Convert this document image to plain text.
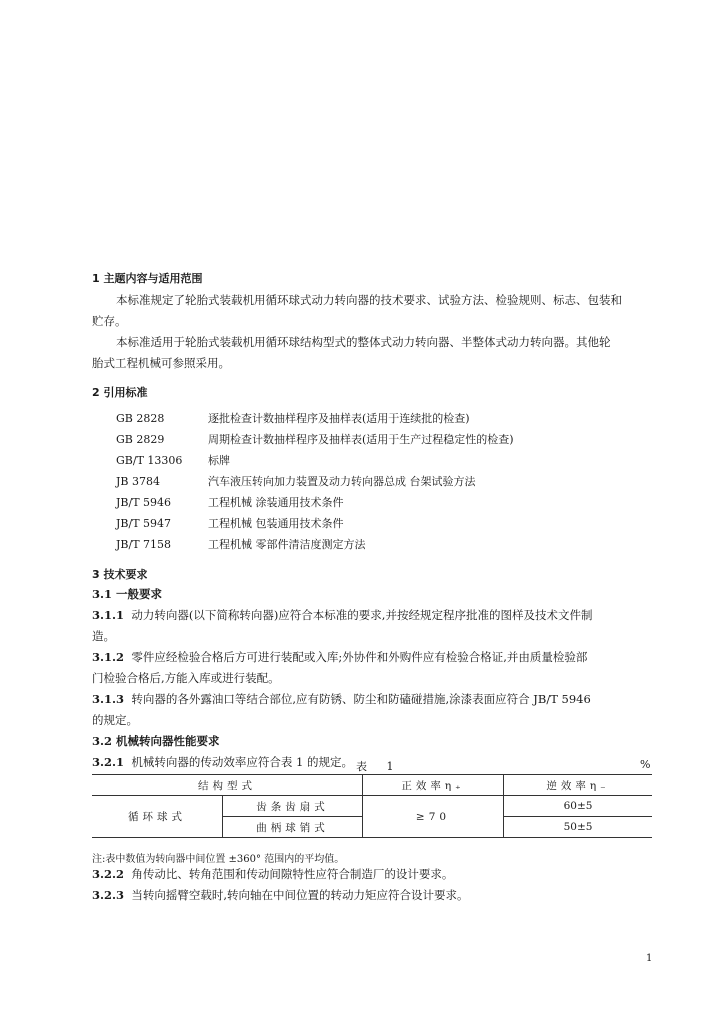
1 主题内容与适用范围
本标准规定了轮胎式装载机用循环球式动力转向器的技术要求、试验方法、检验规则、标志、包装和
贮存。
本标准适用于轮胎式装载机用循环球结构型式的整体式动力转向器、半整体式动力转向器。其他轮
胎式工程机械可参照采用。
2 引用标准
GB 2828	逐批检查计数抽样程序及抽样表(适用于连续批的检查)
GB 2829	周期检查计数抽样程序及抽样表(适用于生产过程稳定性的检查)
GB/T 13306 标牌
JB 3784	汽车液压转向加力装置及动力转向器总成 台架试验方法
JB/T 5946	工程机械 涂装通用技术条件
JB/T 5947	工程机械 包装通用技术条件
JB/T 7158	工程机械 零部件清洁度测定方法
3 技术要求
3.1 一般要求
3.1.1 动力转向器(以下简称转向器)应符合本标准的要求,并按经规定程序批准的图样及技术文件制
造。
3.1.2 零件应经检验合格后方可进行装配或入库;外协件和外购件应有检验合格证,并由质量检验部
门检验合格后,方能入库或进行装配。
3.1.3 转向器的各外露油口等结合部位,应有防锈、防尘和防磕碰措施,涂漆表面应符合 JB/T 5946
的规定。
3.2 机械转向器性能要求
3.2.1 机械转向器的传动效率应符合表 1 的规定。 表 1	%
结构型式		正效率η₊	逆效率η₋
循环球式	齿条齿扇式	≥70	60±5
	曲柄球销式		50±5
注:表中数值为转向器中间位置 ±360° 范围内的平均值。
3.2.2 角传动比、转角范围和传动间隙特性应符合制造厂的设计要求。
3.2.3 当转向摇臂空载时,转向轴在中间位置的转动力矩应符合设计要求。
1
